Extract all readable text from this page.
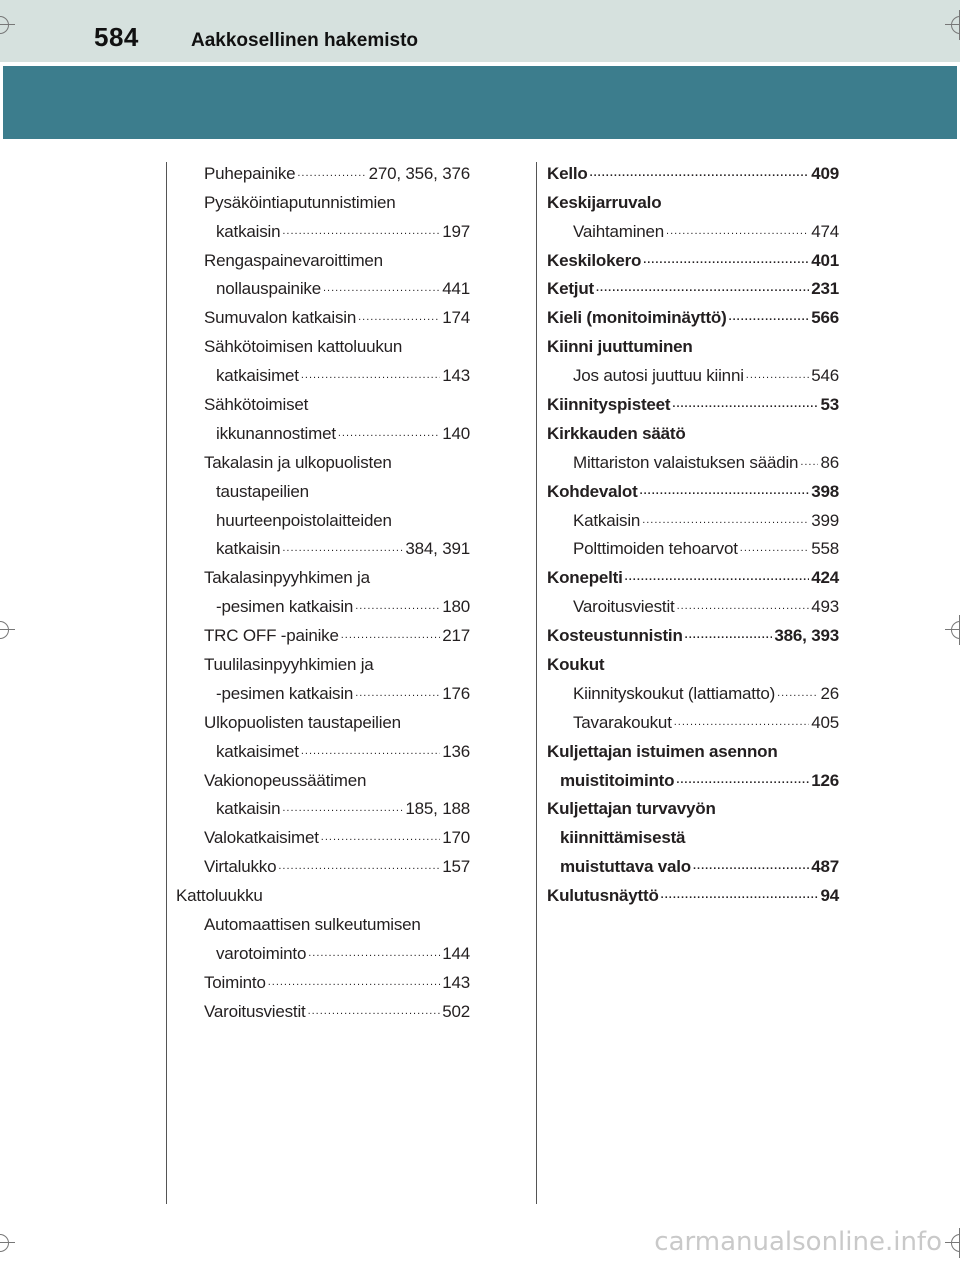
584	Aakkosellinen hakemisto
Puhepainike .....	270, 356, 376
Pysäköintiaputunnistimien
katkaisin .....	197
Rengaspainevaroittimen
nollauspainike .....	441
Sumuvalon katkaisin .....	174
Sähkötoimisen kattoluukun
katkaisimet .....	143
Sähkötoimiset
ikkunannostimet .....	140
Takalasin ja ulkopuolisten
taustapeilien
huurteenpoistolaitteiden
katkaisin .....	384, 391
Takalasinpyyhkimen ja
-pesimen katkaisin .....	180
TRC OFF -painike .....	217
Tuulilasinpyyhkimien ja
-pesimen katkaisin .....	176
Ulkopuolisten taustapeilien
katkaisimet .....	136
Vakionopeussäätimen
katkaisin .....	185, 188
Valokatkaisimet .....	170
Virtalukko .....	157
Kattoluukku
Automaattisen sulkeutumisen
varotoiminto .....	144
Toiminto .....	143
Varoitusviestit .....	502
Kello .....	409
Keskijarruvalo
Vaihtaminen .....	474
Keskilokero .....	401
Ketjut .....	231
Kieli (monitoiminäyttö) .....	566
Kiinni juuttuminen
Jos autosi juuttuu kiinni .....	546
Kiinnityspisteet .....	53
Kirkkauden säätö
Mittariston valaistuksen säädin ..... 86
Kohdevalot .....	398
Katkaisin .....	399
Polttimoiden tehoarvot .....	558
Konepelti .....	424
Varoitusviestit .....	493
Kosteustunnistin .....	386, 393
Koukut
Kiinnityskoukut (lattiamatto) .....	26
Tavarakoukut .....	405
Kuljettajan istuimen asennon
muistitoiminto .....	126
Kuljettajan turvavyön
kiinnittämisestä
muistuttava valo .....	487
Kulutusnäyttö .....	94
carmanualsonline.info
